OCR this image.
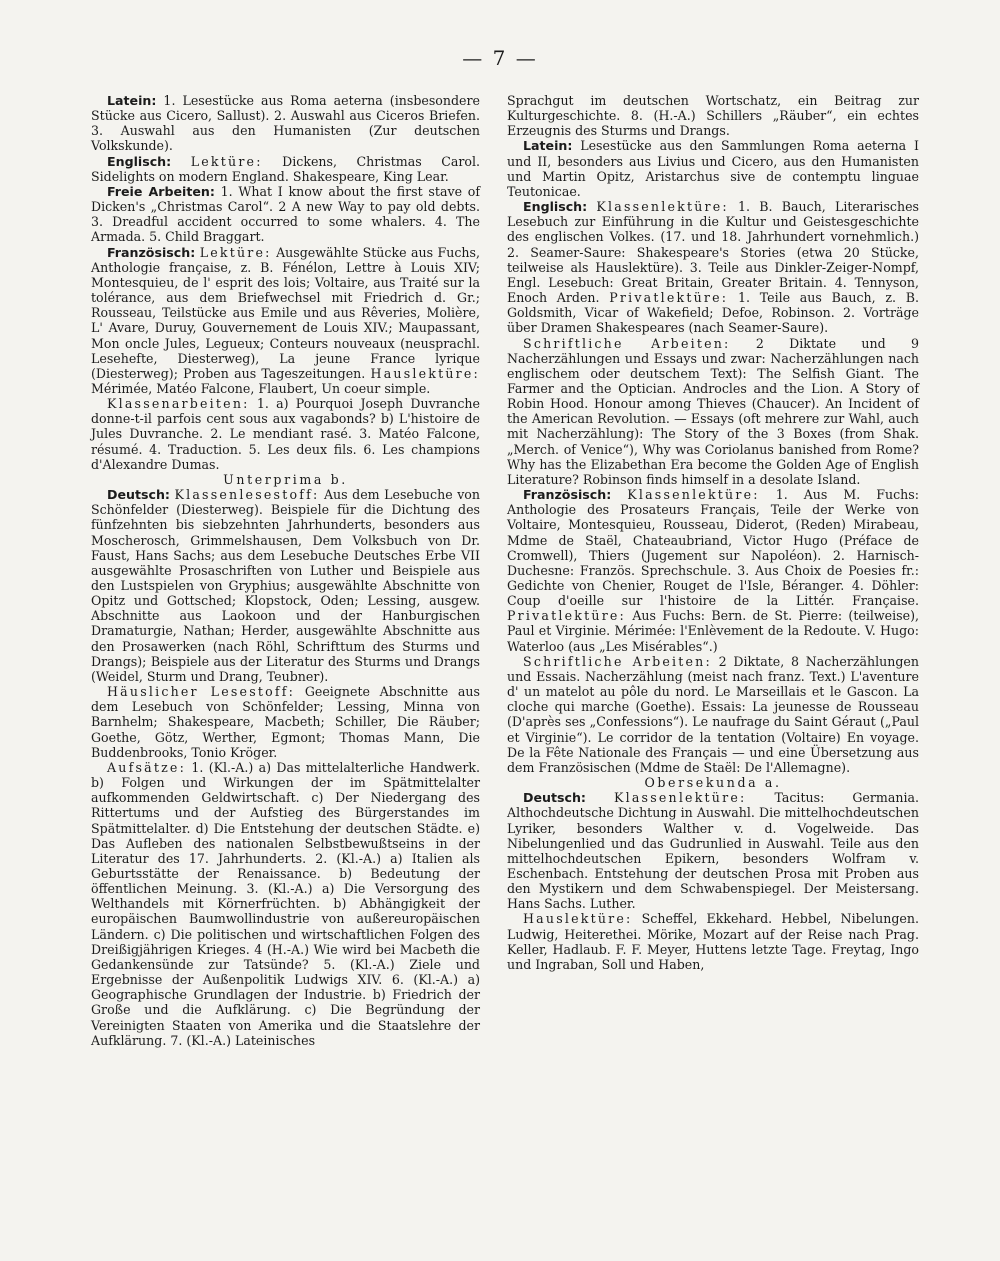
— 7 —

Latein: 1. Lesestücke aus Roma aeterna (insbesondere Stücke aus Cicero, Sallust). 2. Auswahl aus Ciceros Briefen. 3. Auswahl aus den Humanisten (Zur deutschen Volkskunde).

Englisch: Lektüre: Dickens, Christmas Carol. Sidelights on modern England. Shakespeare, King Lear.

Freie Arbeiten: 1. What I know about the first stave of Dicken's „Christmas Carol“. 2 A new Way to pay old debts. 3. Dreadful accident occurred to some whalers. 4. The Armada. 5. Child Braggart.

Französisch: Lektüre: Ausgewählte Stücke aus Fuchs, Anthologie française, z. B. Fénélon, Lettre à Louis XIV; Montesquieu, de l' esprit des lois; Voltaire, aus Traité sur la tolérance, aus dem Briefwechsel mit Friedrich d. Gr.; Rousseau, Teilstücke aus Emile und aus Rêveries, Molière, L' Avare, Duruy, Gouvernement de Louis XIV.; Maupassant, Mon oncle Jules, Legueux; Conteurs nouveaux (neusprachl. Lesehefte, Diesterweg), La jeune France lyrique (Diesterweg); Proben aus Tageszeitungen. Hauslektüre: Mérimée, Matéo Falcone, Flaubert, Un coeur simple.

Klassenarbeiten: 1. a) Pourquoi Joseph Duvranche donne-t-il parfois cent sous aux vagabonds? b) L'histoire de Jules Duvranche. 2. Le mendiant rasé. 3. Matéo Falcone, résumé. 4. Traduction. 5. Les deux fils. 6. Les champions d'Alexandre Dumas.

Unterprima b.

Deutsch: Klassenlesestoff: Aus dem Lesebuche von Schönfelder (Diesterweg). Beispiele für die Dichtung des fünfzehnten bis siebzehnten Jahrhunderts, besonders aus Moscherosch, Grimmelshausen, Dem Volksbuch von Dr. Faust, Hans Sachs; aus dem Lesebuche Deutsches Erbe VII ausgewählte Prosaschriften von Luther und Beispiele aus den Lustspielen von Gryphius; ausgewählte Abschnitte von Opitz und Gottsched; Klopstock, Oden; Lessing, ausgew. Abschnitte aus Laokoon und der Hanburgischen Dramaturgie, Nathan; Herder, ausgewählte Abschnitte aus den Prosawerken (nach Röhl, Schrifttum des Sturms und Drangs); Beispiele aus der Literatur des Sturms und Drangs (Weidel, Sturm und Drang, Teubner).

Häuslicher Lesestoff: Geeignete Abschnitte aus dem Lesebuch von Schönfelder; Lessing, Minna von Barnhelm; Shakespeare, Macbeth; Schiller, Die Räuber; Goethe, Götz, Werther, Egmont; Thomas Mann, Die Buddenbrooks, Tonio Kröger.

Aufsätze: 1. (Kl.-A.) a) Das mittelalterliche Handwerk. b) Folgen und Wirkungen der im Spätmittelalter aufkommenden Geldwirtschaft. c) Der Niedergang des Rittertums und der Aufstieg des Bürgerstandes im Spätmittelalter. d) Die Entstehung der deutschen Städte. e) Das Aufleben des nationalen Selbstbewußtseins in der Literatur des 17. Jahrhunderts. 2. (Kl.-A.) a) Italien als Geburtsstätte der Renaissance. b) Bedeutung der öffentlichen Meinung. 3. (Kl.-A.) a) Die Versorgung des Welthandels mit Körnerfrüchten. b) Abhängigkeit der europäischen Baumwollindustrie von außereuropäischen Ländern. c) Die politischen und wirtschaftlichen Folgen des Dreißigjährigen Krieges. 4 (H.-A.) Wie wird bei Macbeth die Gedankensünde zur Tatsünde? 5. (Kl.-A.) Ziele und Ergebnisse der Außenpolitik Ludwigs XIV. 6. (Kl.-A.) a) Geographische Grundlagen der Industrie. b) Friedrich der Große und die Aufklärung. c) Die Begründung der Vereinigten Staaten von Amerika und die Staatslehre der Aufklärung. 7. (Kl.-A.) Lateinisches

Sprachgut im deutschen Wortschatz, ein Beitrag zur Kulturgeschichte. 8. (H.-A.) Schillers „Räuber“, ein echtes Erzeugnis des Sturms und Drangs.

Latein: Lesestücke aus den Sammlungen Roma aeterna I und II, besonders aus Livius und Cicero, aus den Humanisten und Martin Opitz, Aristarchus sive de contemptu linguae Teutonicae.

Englisch: Klassenlektüre: 1. B. Bauch, Literarisches Lesebuch zur Einführung in die Kultur und Geistesgeschichte des englischen Volkes. (17. und 18. Jahrhundert vornehmlich.) 2. Seamer-Saure: Shakespeare's Stories (etwa 20 Stücke, teilweise als Hauslektüre). 3. Teile aus Dinkler-Zeiger-Nompf, Engl. Lesebuch: Great Britain, Greater Britain. 4. Tennyson, Enoch Arden. Privatlektüre: 1. Teile aus Bauch, z. B. Goldsmith, Vicar of Wakefield; Defoe, Robinson. 2. Vorträge über Dramen Shakespeares (nach Seamer-Saure).

Schriftliche Arbeiten: 2 Diktate und 9 Nacherzählungen und Essays und zwar: Nacherzählungen nach englischem oder deutschem Text): The Selfish Giant. The Farmer and the Optician. Androcles and the Lion. A Story of Robin Hood. Honour among Thieves (Chaucer). An Incident of the American Revolution. — Essays (oft mehrere zur Wahl, auch mit Nacherzählung): The Story of the 3 Boxes (from Shak. „Merch. of Venice“), Why was Coriolanus banished from Rome? Why has the Elizabethan Era become the Golden Age of English Literature? Robinson finds himself in a desolate Island.

Französisch: Klassenlektüre: 1. Aus M. Fuchs: Anthologie des Prosateurs Français, Teile der Werke von Voltaire, Montesquieu, Rousseau, Diderot, (Reden) Mirabeau, Mdme de Staël, Chateaubriand, Victor Hugo (Préface de Cromwell), Thiers (Jugement sur Napoléon). 2. Harnisch-Duchesne: Französ. Sprechschule. 3. Aus Choix de Poesies fr.: Gedichte von Chenier, Rouget de l'Isle, Béranger. 4. Döhler: Coup d'oeille sur l'histoire de la Littér. Française. Privatlektüre: Aus Fuchs: Bern. de St. Pierre: (teilweise), Paul et Virginie. Mérimée: l'Enlèvement de la Redoute. V. Hugo: Waterloo (aus „Les Misérables“.)

Schriftliche Arbeiten: 2 Diktate, 8 Nacherzählungen und Essais. Nacherzählung (meist nach franz. Text.) L'aventure d' un matelot au pôle du nord. Le Marseillais et le Gascon. La cloche qui marche (Goethe). Essais: La jeunesse de Rousseau (D'après ses „Confessions“). Le naufrage du Saint Géraut („Paul et Virginie“). Le corridor de la tentation (Voltaire) En voyage. De la Fête Nationale des Français — und eine Übersetzung aus dem Französischen (Mdme de Staël: De l'Allemagne).

Obersekunda a.

Deutsch: Klassenlektüre: Tacitus: Germania. Althochdeutsche Dichtung in Auswahl. Die mittelhochdeutschen Lyriker, besonders Walther v. d. Vogelweide. Das Nibelungenlied und das Gudrunlied in Auswahl. Teile aus den mittelhochdeutschen Epikern, besonders Wolfram v. Eschenbach. Entstehung der deutschen Prosa mit Proben aus den Mystikern und dem Schwabenspiegel. Der Meistersang. Hans Sachs. Luther.

Hauslektüre: Scheffel, Ekkehard. Hebbel, Nibelungen. Ludwig, Heiterethei. Mörike, Mozart auf der Reise nach Prag. Keller, Hadlaub. F. F. Meyer, Huttens letzte Tage. Freytag, Ingo und Ingraban, Soll und Haben,
